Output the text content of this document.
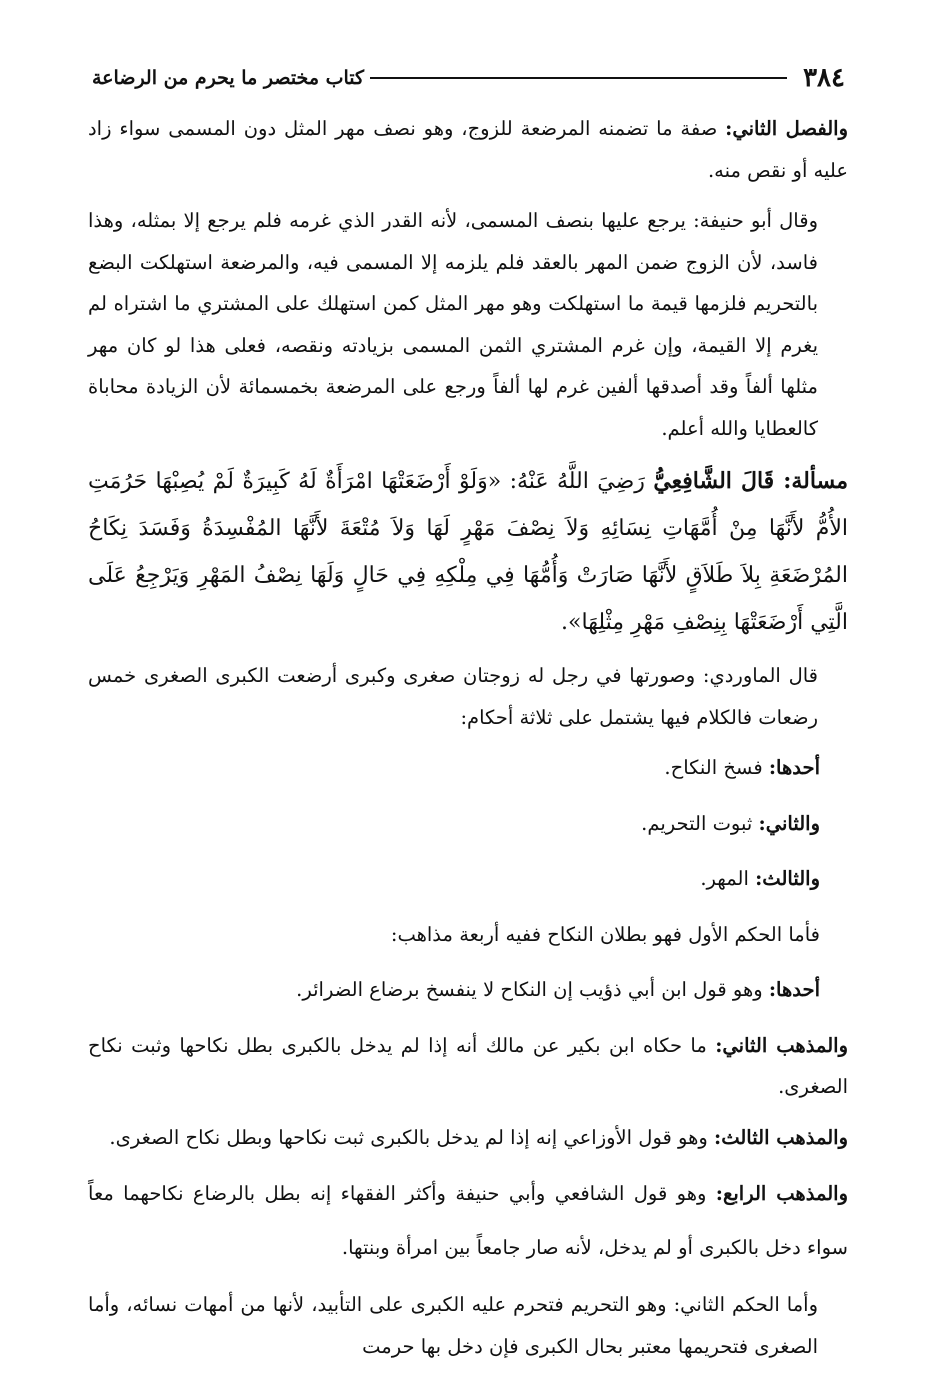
٣٨٤
كتاب مختصر ما يحرم من الرضاعة

والفصل الثاني: صفة ما تضمنه المرضعة للزوج، وهو نصف مهر المثل دون المسمى سواء زاد عليه أو نقص منه.

وقال أبو حنيفة: يرجع عليها بنصف المسمى، لأنه القدر الذي غرمه فلم يرجع إلا بمثله، وهذا فاسد، لأن الزوج ضمن المهر بالعقد فلم يلزمه إلا المسمى فيه، والمرضعة استهلكت البضع بالتحريم فلزمها قيمة ما استهلكت وهو مهر المثل كمن استهلك على المشتري ما اشتراه لم يغرم إلا القيمة، وإن غرم المشتري الثمن المسمى بزيادته ونقصه، فعلى هذا لو كان مهر مثلها ألفاً وقد أصدقها ألفين غرم لها ألفاً ورجع على المرضعة بخمسمائة لأن الزيادة محاباة كالعطايا والله أعلم.

مسألة: قَالَ الشَّافِعِيُّ رَضِيَ اللَّهُ عَنْهُ: «وَلَوْ أَرْضَعَتْهَا امْرَأَةٌ لَهُ كَبِيرَةٌ لَمْ يُصِبْهَا حَرُمَتِ الأُمُّ لأَنَّهَا مِنْ أُمَّهَاتِ نِسَائِهِ وَلاَ نِصْفَ مَهْرٍ لَهَا وَلاَ مُتْعَةَ لأَنَّهَا المُفْسِدَةُ وَفَسَدَ نِكَاحُ المُرْضَعَةِ بِلاَ طَلاَقٍ لأَنَّهَا صَارَتْ وَأُمُّهَا فِي مِلْكِهِ فِي حَالٍ وَلَهَا نِصْفُ المَهْرِ وَيَرْجِعُ عَلَى الَّتِي أَرْضَعَتْهَا بِنِصْفِ مَهْرِ مِثْلِهَا».

قال الماوردي: وصورتها في رجل له زوجتان صغرى وكبرى أرضعت الكبرى الصغرى خمس رضعات فالكلام فيها يشتمل على ثلاثة أحكام:

أحدها: فسخ النكاح.

والثاني: ثبوت التحريم.

والثالث: المهر.

فأما الحكم الأول فهو بطلان النكاح ففيه أربعة مذاهب:

أحدها: وهو قول ابن أبي ذؤيب إن النكاح لا ينفسخ برضاع الضرائر.

والمذهب الثاني: ما حكاه ابن بكير عن مالك أنه إذا لم يدخل بالكبرى بطل نكاحها وثبت نكاح الصغرى.

والمذهب الثالث: وهو قول الأوزاعي إنه إذا لم يدخل بالكبرى ثبت نكاحها وبطل نكاح الصغرى.

والمذهب الرابع: وهو قول الشافعي وأبي حنيفة وأكثر الفقهاء إنه بطل بالرضاع نكاحهما معاً سواء دخل بالكبرى أو لم يدخل، لأنه صار جامعاً بين امرأة وبنتها.

وأما الحكم الثاني: وهو التحريم فتحرم عليه الكبرى على التأبيد، لأنها من أمهات نسائه، وأما الصغرى فتحريمها معتبر بحال الكبرى فإن دخل بها حرمت
